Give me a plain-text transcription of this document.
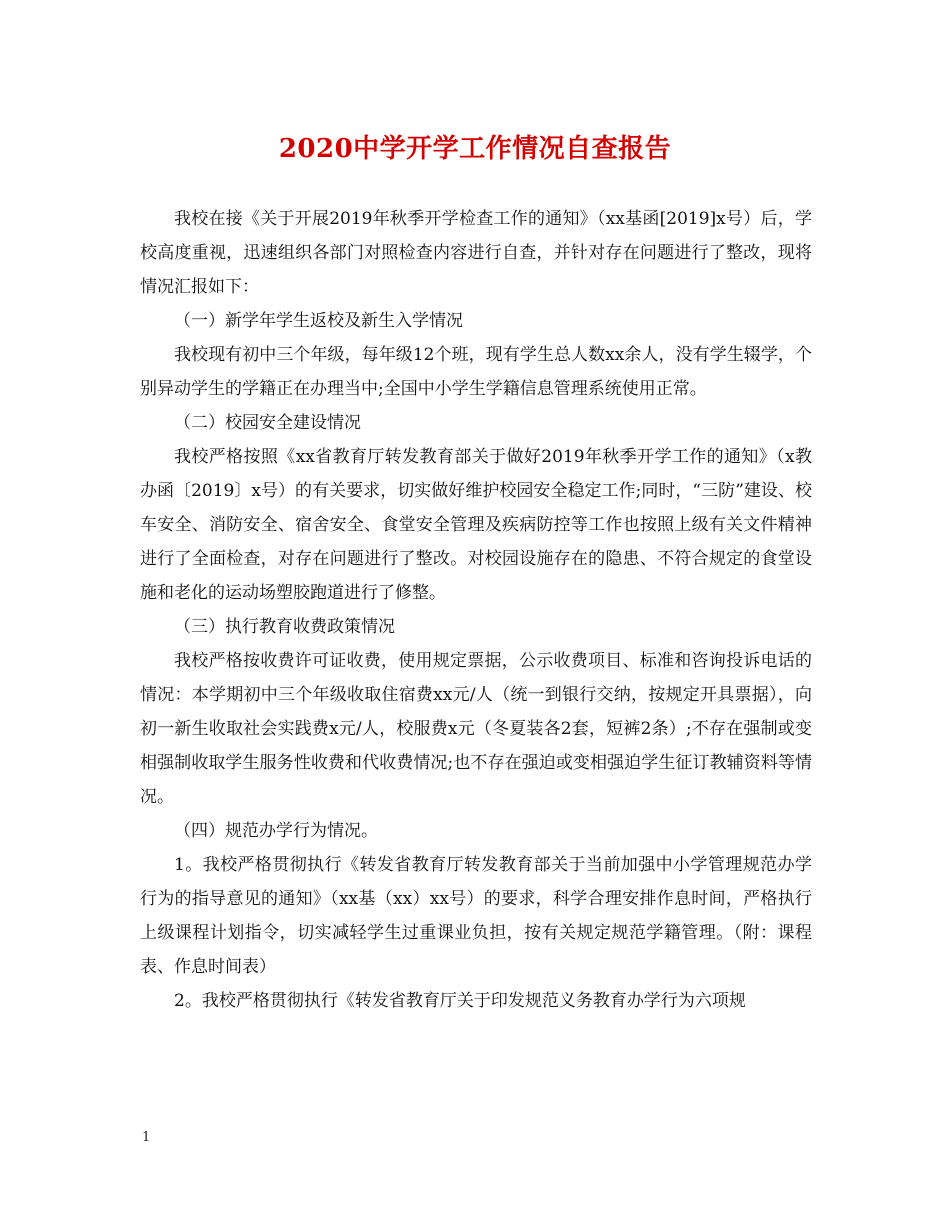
2020中学开学工作情况自查报告

我校在接《关于开展2019年秋季开学检查工作的通知》（xx基函[2019]x号）后，学校高度重视，迅速组织各部门对照检查内容进行自查，并针对存在问题进行了整改，现将情况汇报如下：

（一）新学年学生返校及新生入学情况

我校现有初中三个年级，每年级12个班，现有学生总人数xx余人，没有学生辍学，个别异动学生的学籍正在办理当中;全国中小学生学籍信息管理系统使用正常。

（二）校园安全建设情况

我校严格按照《xx省教育厅转发教育部关于做好2019年秋季开学工作的通知》（x教办函〔2019〕x号）的有关要求，切实做好维护校园安全稳定工作;同时，“三防”建设、校车安全、消防安全、宿舍安全、食堂安全管理及疾病防控等工作也按照上级有关文件精神进行了全面检查，对存在问题进行了整改。对校园设施存在的隐患、不符合规定的食堂设施和老化的运动场塑胶跑道进行了修整。

（三）执行教育收费政策情况

我校严格按收费许可证收费，使用规定票据，公示收费项目、标准和咨询投诉电话的情况：本学期初中三个年级收取住宿费xx元/人（统一到银行交纳，按规定开具票据），向初一新生收取社会实践费x元/人，校服费x元（冬夏装各2套，短裤2条）;不存在强制或变相强制收取学生服务性收费和代收费情况;也不存在强迫或变相强迫学生征订教辅资料等情况。

（四）规范办学行为情况。

1。我校严格贯彻执行《转发省教育厅转发教育部关于当前加强中小学管理规范办学行为的指导意见的通知》（xx基（xx）xx号）的要求，科学合理安排作息时间，严格执行上级课程计划指令，切实减轻学生过重课业负担，按有关规定规范学籍管理。（附：课程表、作息时间表）

2。我校严格贯彻执行《转发省教育厅关于印发规范义务教育办学行为六项规

1
